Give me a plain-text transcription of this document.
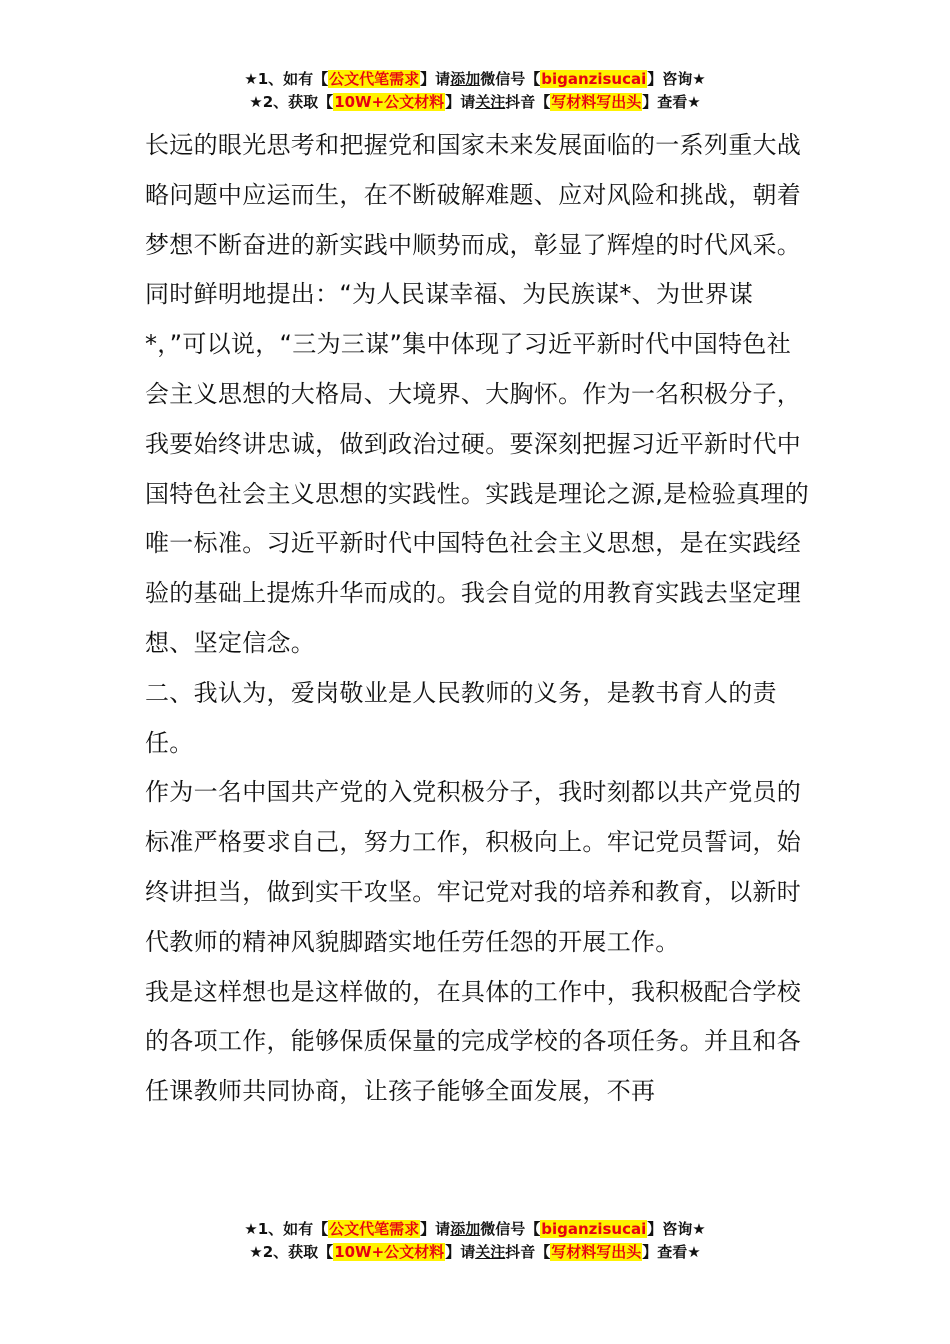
★1、如有【公文代笔需求】请添加微信号【biganzisucai】咨询★
★2、获取【10W+公文材料】请关注抖音【写材料写出头】查看★

长远的眼光思考和把握党和国家未来发展面临的一系列重大战略问题中应运而生，在不断破解难题、应对风险和挑战，朝着梦想不断奋进的新实践中顺势而成，彰显了辉煌的时代风采。同时鲜明地提出：“为人民谋幸福、为民族谋*、为世界谋*，”可以说，“三为三谋”集中体现了习近平新时代中国特色社会主义思想的大格局、大境界、大胸怀。作为一名积极分子，我要始终讲忠诚，做到政治过硬。要深刻把握习近平新时代中国特色社会主义思想的实践性。实践是理论之源,是检验真理的唯一标准。习近平新时代中国特色社会主义思想，是在实践经验的基础上提炼升华而成的。我会自觉的用教育实践去坚定理想、坚定信念。

二、我认为，爱岗敬业是人民教师的义务，是教书育人的责任。

作为一名中国共产党的入党积极分子，我时刻都以共产党员的标准严格要求自己，努力工作，积极向上。牢记党员誓词，始终讲担当，做到实干攻坚。牢记党对我的培养和教育，以新时代教师的精神风貌脚踏实地任劳任怨的开展工作。

我是这样想也是这样做的，在具体的工作中，我积极配合学校的各项工作，能够保质保量的完成学校的各项任务。并且和各任课教师共同协商，让孩子能够全面发展，不再

★1、如有【公文代笔需求】请添加微信号【biganzisucai】咨询★
★2、获取【10W+公文材料】请关注抖音【写材料写出头】查看★
